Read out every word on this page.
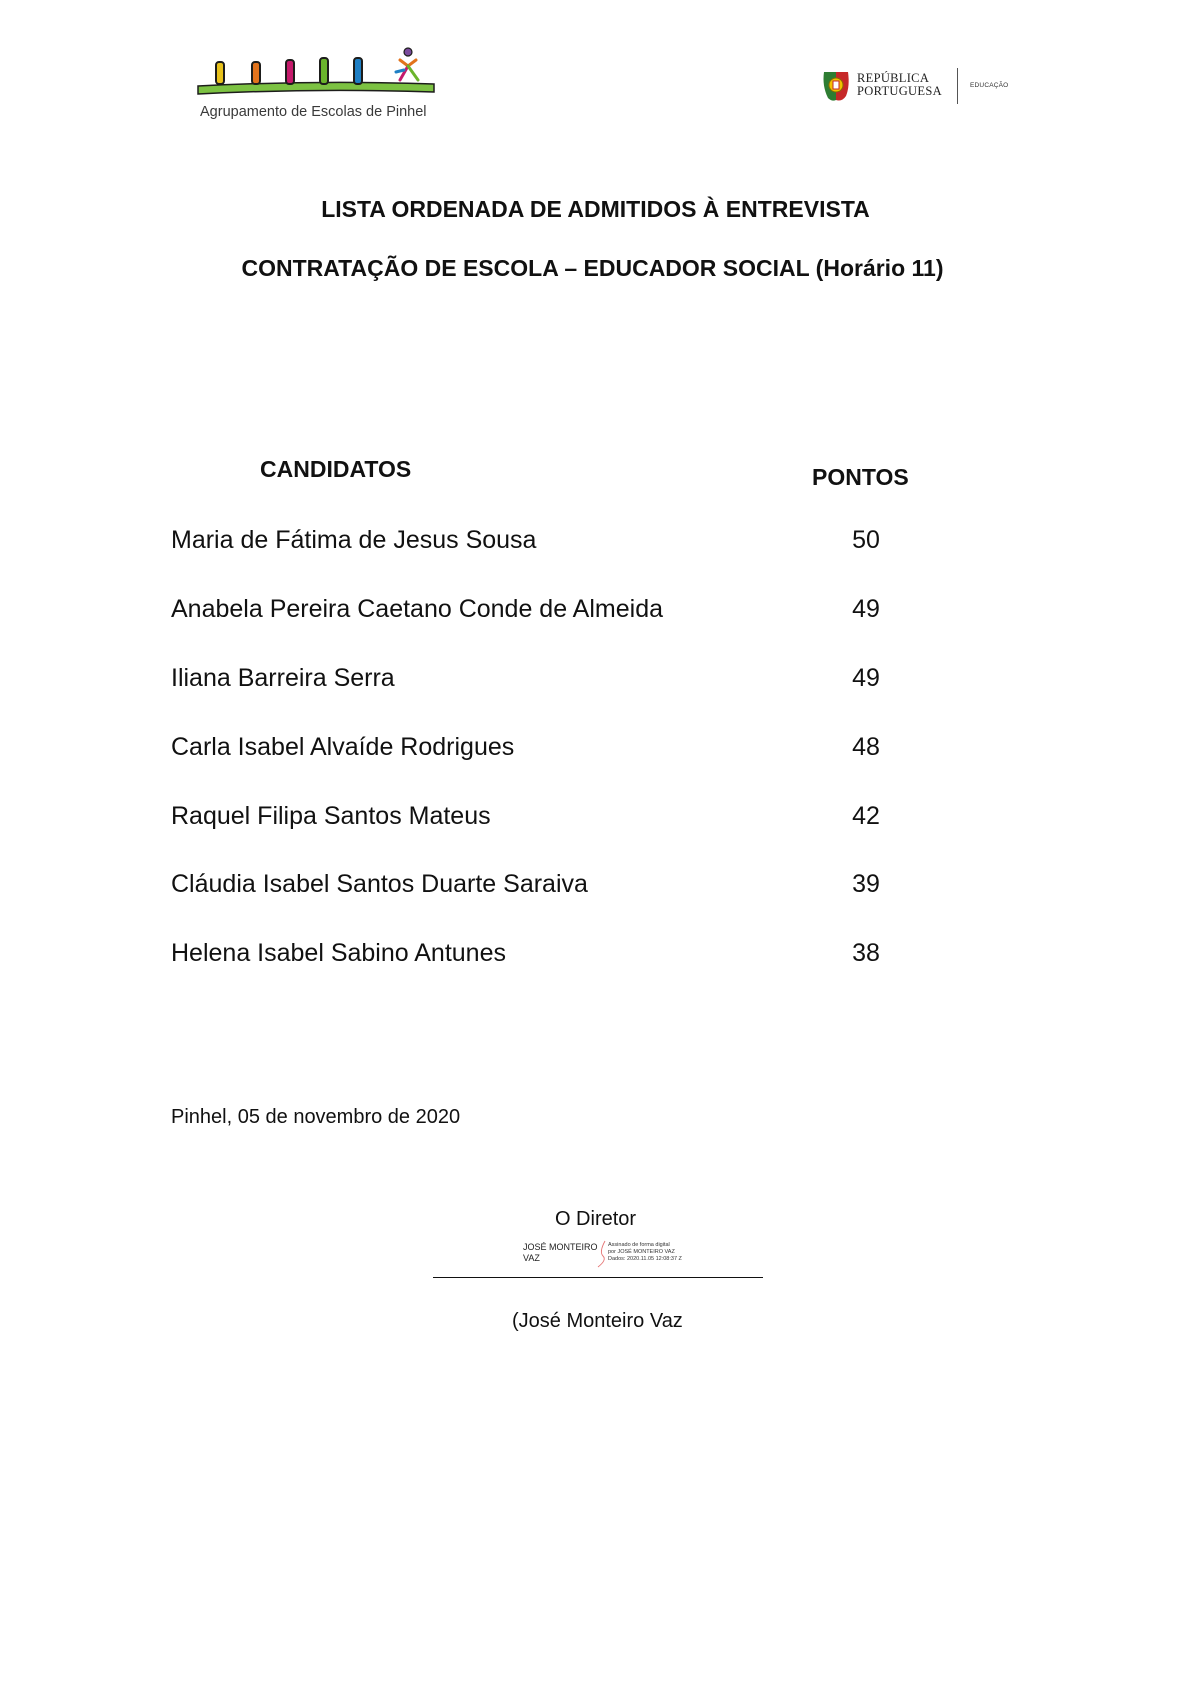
Agrupamento de Escolas de Pinhel
REPÚBLICA
PORTUGUESA	EDUCAÇÃO
LISTA ORDENADA DE ADMITIDOS À ENTREVISTA
CONTRATAÇÃO DE ESCOLA – EDUCADOR SOCIAL (Horário 11)
CANDIDATOS	PONTOS
Maria de Fátima de Jesus Sousa	50
Anabela Pereira Caetano Conde de Almeida	49
Iliana Barreira Serra	49
Carla Isabel Alvaíde Rodrigues	48
Raquel Filipa Santos Mateus	42
Cláudia Isabel Santos Duarte Saraiva	39
Helena Isabel Sabino Antunes	38
Pinhel, 05 de novembro de 2020
O Diretor
JOSÉ MONTEIRO
VAZ
Assinado de forma digital
por JOSÉ MONTEIRO VAZ
Dados: 2020.11.05 12:08:37 Z
(José Monteiro Vaz
